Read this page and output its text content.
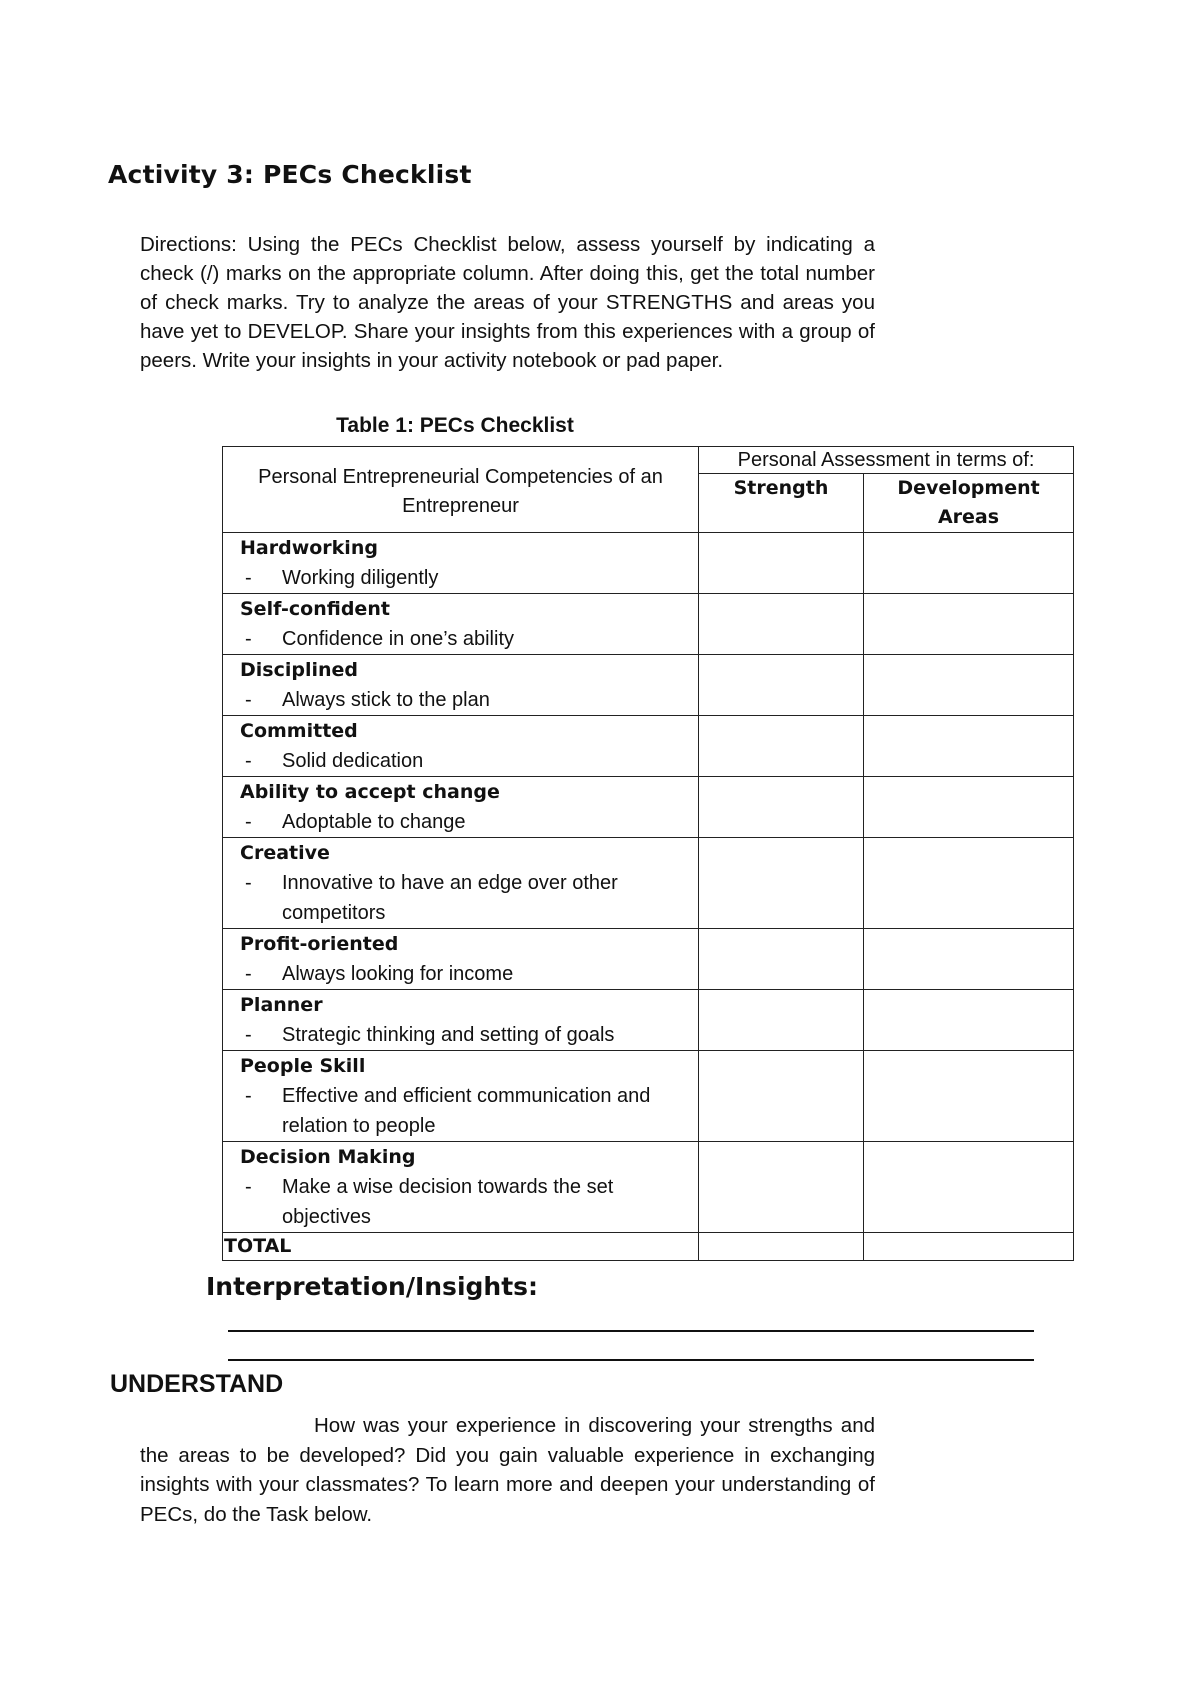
Activity 3: PECs Checklist

Directions: Using the PECs Checklist below, assess yourself by indicating a check (/) marks on the appropriate column. After doing this, get the total number of check marks. Try to analyze the areas of your STRENGTHS and areas you have yet to DEVELOP. Share your insights from this experiences with a group of peers. Write your insights in your activity notebook or pad paper.

Table 1: PECs Checklist

Personal Entrepreneurial Competencies of an Entrepreneur	Personal Assessment in terms of:	
	Strength	Development Areas

Hardworking
- Working diligently		

Self-confident
- Confidence in one’s ability		

Disciplined
- Always stick to the plan		

Committed
- Solid dedication		

Ability to accept change
- Adoptable to change		

Creative
- Innovative to have an edge over other competitors		

Profit-oriented
- Always looking for income		

Planner
- Strategic thinking and setting of goals		

People Skill
- Effective and efficient communication and relation to people		

Decision Making
- Make a wise decision towards the set objectives		

TOTAL		
Interpretation/Insights:
UNDERSTAND

How was your experience in discovering your strengths and the areas to be developed? Did you gain valuable experience in exchanging insights with your classmates? To learn more and deepen your understanding of PECs, do the Task below.
